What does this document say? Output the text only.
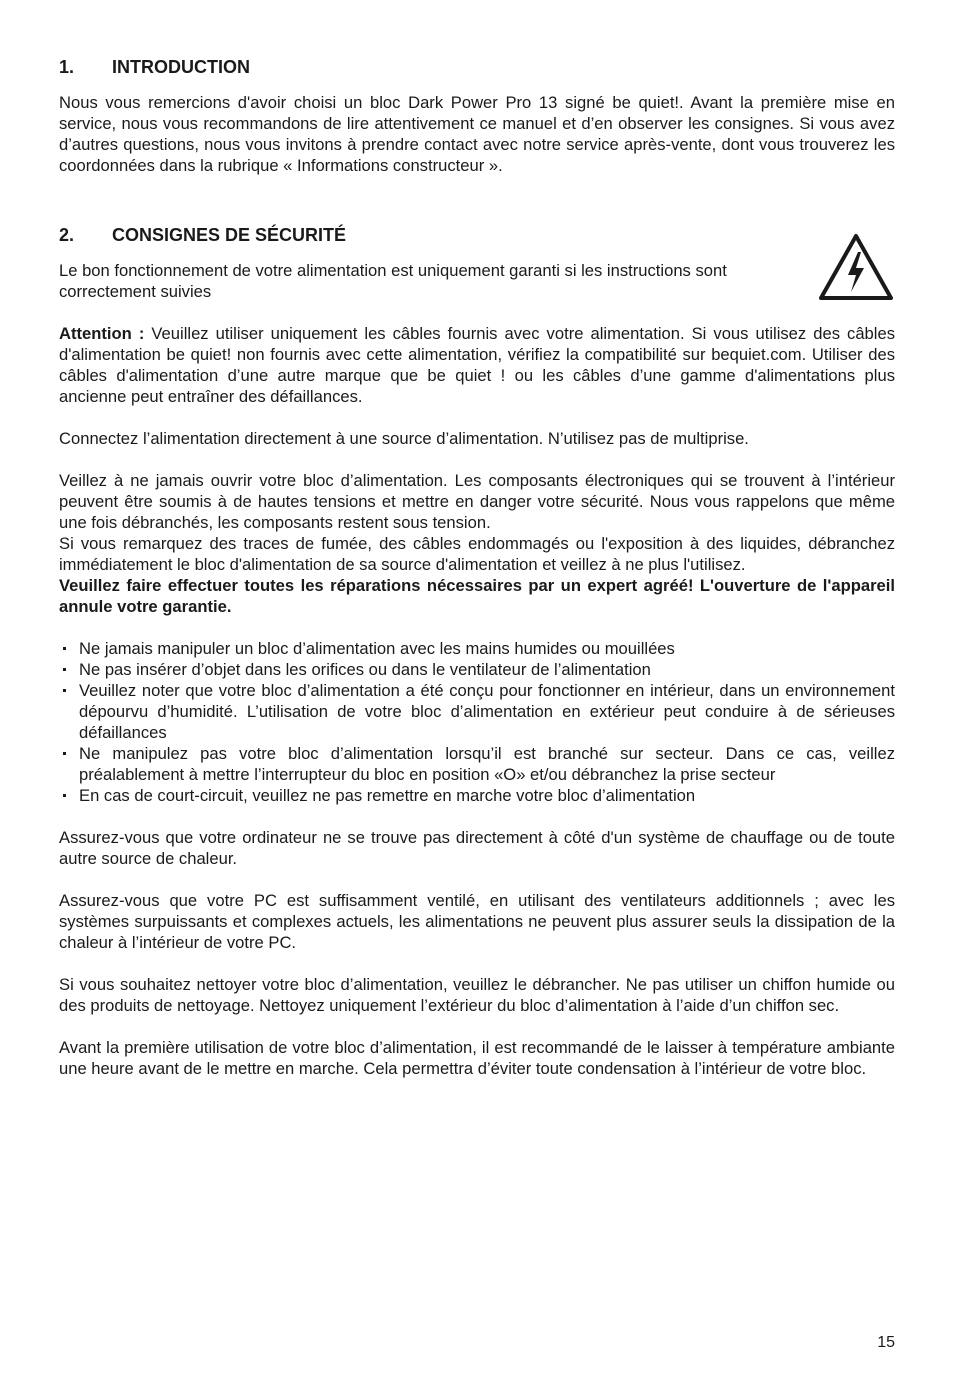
1.	INTRODUCTION

Nous vous remercions d'avoir choisi un bloc Dark Power Pro 13 signé be quiet!. Avant la première mise en service, nous vous recommandons de lire attentivement ce manuel et d’en observer les consignes. Si vous avez d’autres questions, nous vous invitons à prendre contact avec notre service après-vente, dont vous trouverez les coordonnées dans la rubrique « Informations constructeur ».

2.	CONSIGNES DE SÉCURITÉ

Le bon fonctionnement de votre alimentation est uniquement garanti si les instructions sont correctement suivies

Attention : Veuillez utiliser uniquement les câbles fournis avec votre alimentation. Si vous utilisez des câbles d'alimentation be quiet! non fournis avec cette alimentation, vérifiez la compatibilité sur bequiet.com. Utiliser des câbles d'alimentation d’une autre marque que be quiet ! ou les câbles d’une gamme d'alimentations plus ancienne peut entraîner des défaillances.

Connectez l’alimentation directement à une source d’alimentation. N’utilisez pas de multiprise.

Veillez à ne jamais ouvrir votre bloc d’alimentation. Les composants électroniques qui se trouvent à l’intérieur peuvent être soumis à de hautes tensions et mettre en danger votre sécurité. Nous vous rappelons que même une fois débranchés, les composants restent sous tension.

Si vous remarquez des traces de fumée, des câbles endommagés ou l'exposition à des liquides, débranchez immédiatement le bloc d'alimentation de sa source d'alimentation et veillez à ne plus l'utilisez.

Veuillez faire effectuer toutes les réparations nécessaires par un expert agréé! L'ouverture de l'appareil annule votre garantie.

Ne jamais manipuler un bloc d’alimentation avec les mains humides ou mouillées
Ne pas insérer d’objet dans les orifices ou dans le ventilateur de l’alimentation
Veuillez noter que votre bloc d’alimentation a été conçu pour fonctionner en intérieur, dans un environnement dépourvu d’humidité. L’utilisation de votre bloc d’alimentation en extérieur peut conduire à de sérieuses défaillances
Ne manipulez pas votre bloc d’alimentation lorsqu’il est branché sur secteur. Dans ce cas, veillez préalablement à mettre l’interrupteur du bloc en position «O» et/ou débranchez la prise secteur
En cas de court-circuit, veuillez ne pas remettre en marche votre bloc d’alimentation

Assurez-vous que votre ordinateur ne se trouve pas directement à côté d'un système de chauffage ou de toute autre source de chaleur.

Assurez-vous que votre PC est suffisamment ventilé, en utilisant des ventilateurs additionnels ; avec les systèmes surpuissants et complexes actuels, les alimentations ne peuvent plus assurer seuls la dissipation de la chaleur à l’intérieur de votre PC.

Si vous souhaitez nettoyer votre bloc d’alimentation, veuillez le débrancher. Ne pas utiliser un chiffon humide ou des produits de nettoyage. Nettoyez uniquement l’extérieur du bloc d’alimentation à l’aide d’un chiffon sec.

Avant la première utilisation de votre bloc d’alimentation, il est recommandé de le laisser à température ambiante une heure avant de le mettre en marche. Cela permettra d’éviter toute condensation à l’intérieur de votre bloc.

15
